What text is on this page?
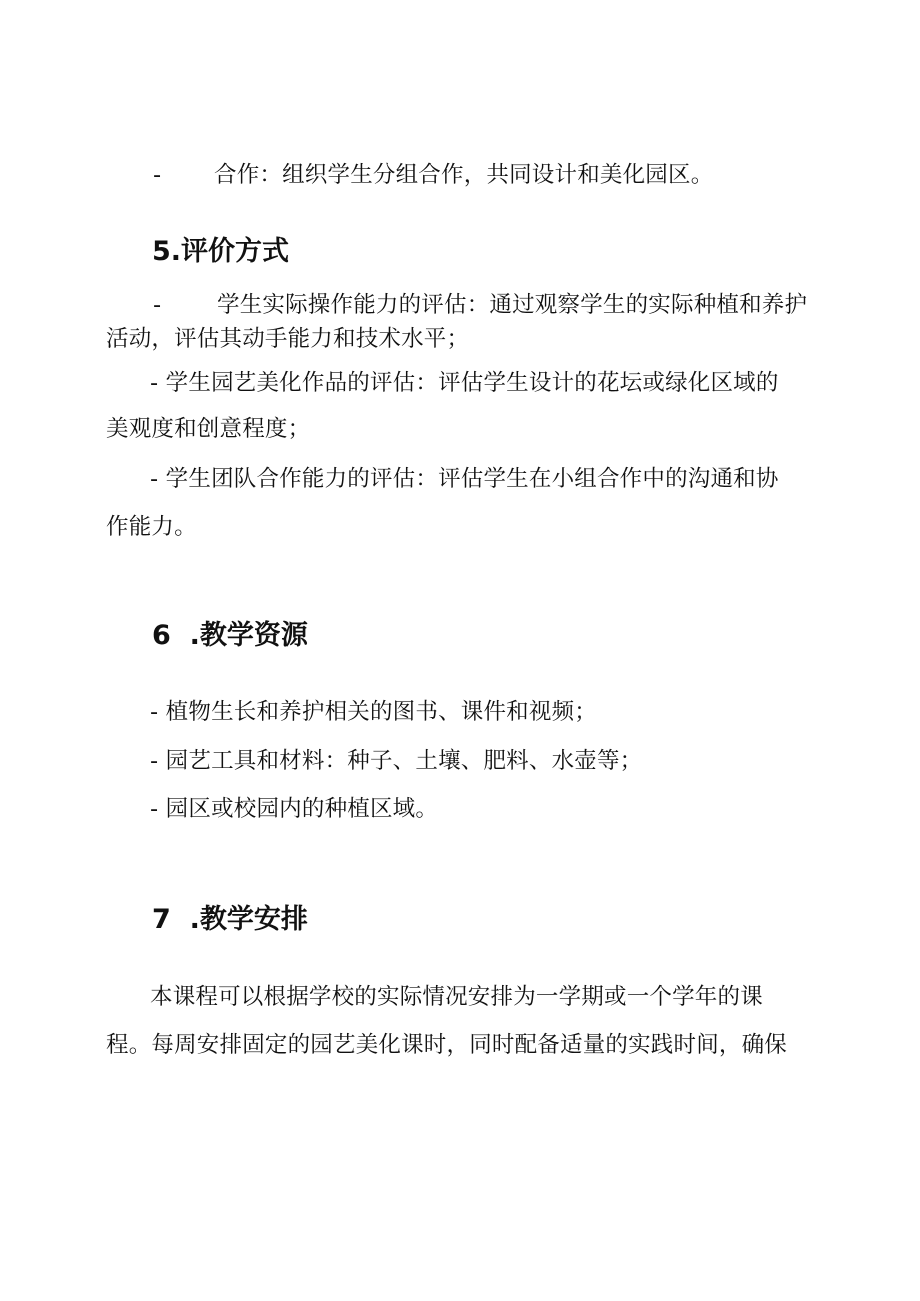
- 合作：组织学生分组合作，共同设计和美化园区。
5.评价方式
- 学生实际操作能力的评估：通过观察学生的实际种植和养护
活动，评估其动手能力和技术水平；
- 学生园艺美化作品的评估：评估学生设计的花坛或绿化区域的
美观度和创意程度；
- 学生团队合作能力的评估：评估学生在小组合作中的沟通和协
作能力。
6  .教学资源
- 植物生长和养护相关的图书、课件和视频；
- 园艺工具和材料：种子、土壤、肥料、水壶等；
- 园区或校园内的种植区域。
7  .教学安排
本课程可以根据学校的实际情况安排为一学期或一个学年的课
程。每周安排固定的园艺美化课时，同时配备适量的实践时间，确保
